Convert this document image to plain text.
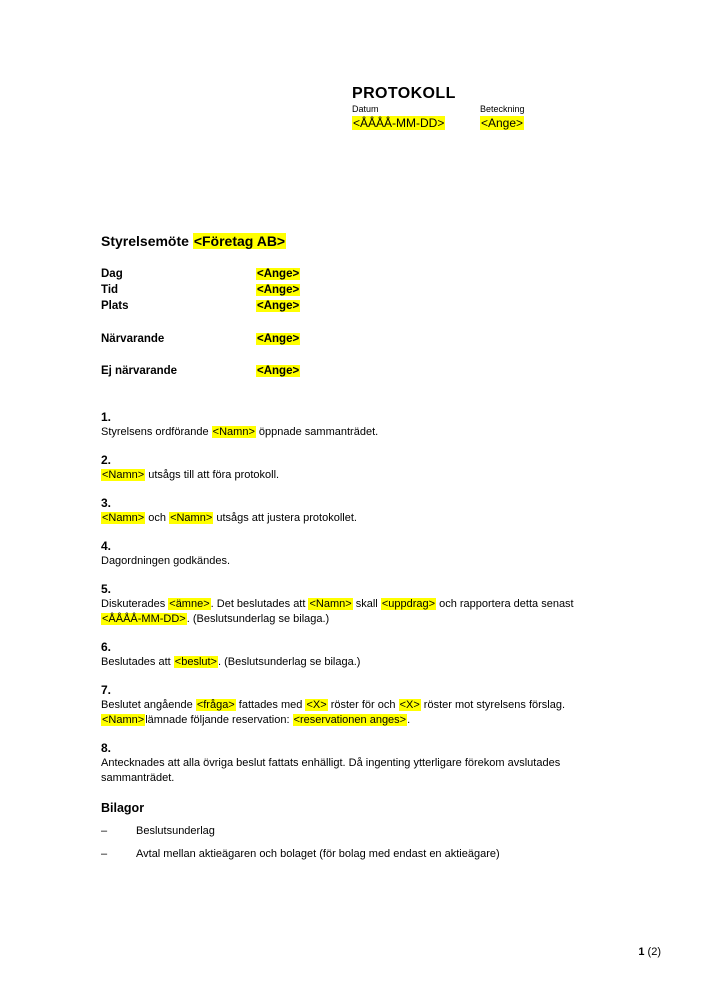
PROTOKOLL
Datum
<ÅÅÅÅ-MM-DD>
Beteckning
<Ange>
Styrelsemöte <Företag AB>
Dag	<Ange>
Tid	<Ange>
Plats	<Ange>
Närvarande	<Ange>
Ej närvarande	<Ange>
1.
Styrelsens ordförande <Namn> öppnade sammanträdet.
2.
<Namn> utsågs till att föra protokoll.
3.
<Namn> och <Namn> utsågs att justera protokollet.
4.
Dagordningen godkändes.
5.
Diskuterades <ämne>. Det beslutades att <Namn> skall <uppdrag> och rapportera detta senast <ÅÅÅÅ-MM-DD>. (Beslutsunderlag se bilaga.)
6.
Beslutades att <beslut>. (Beslutsunderlag se bilaga.)
7.
Beslutet angående <fråga> fattades med <X> röster för och <X> röster mot styrelsens förslag. <Namn>lämnade följande reservation: <reservationen anges>.
8.
Antecknades att alla övriga beslut fattats enhälligt. Då ingenting ytterligare förekom avslutades sammanträdet.
Bilagor
–	Beslutsunderlag
–	Avtal mellan aktieägaren och bolaget (för bolag med endast en aktieägare)
1 (2)
